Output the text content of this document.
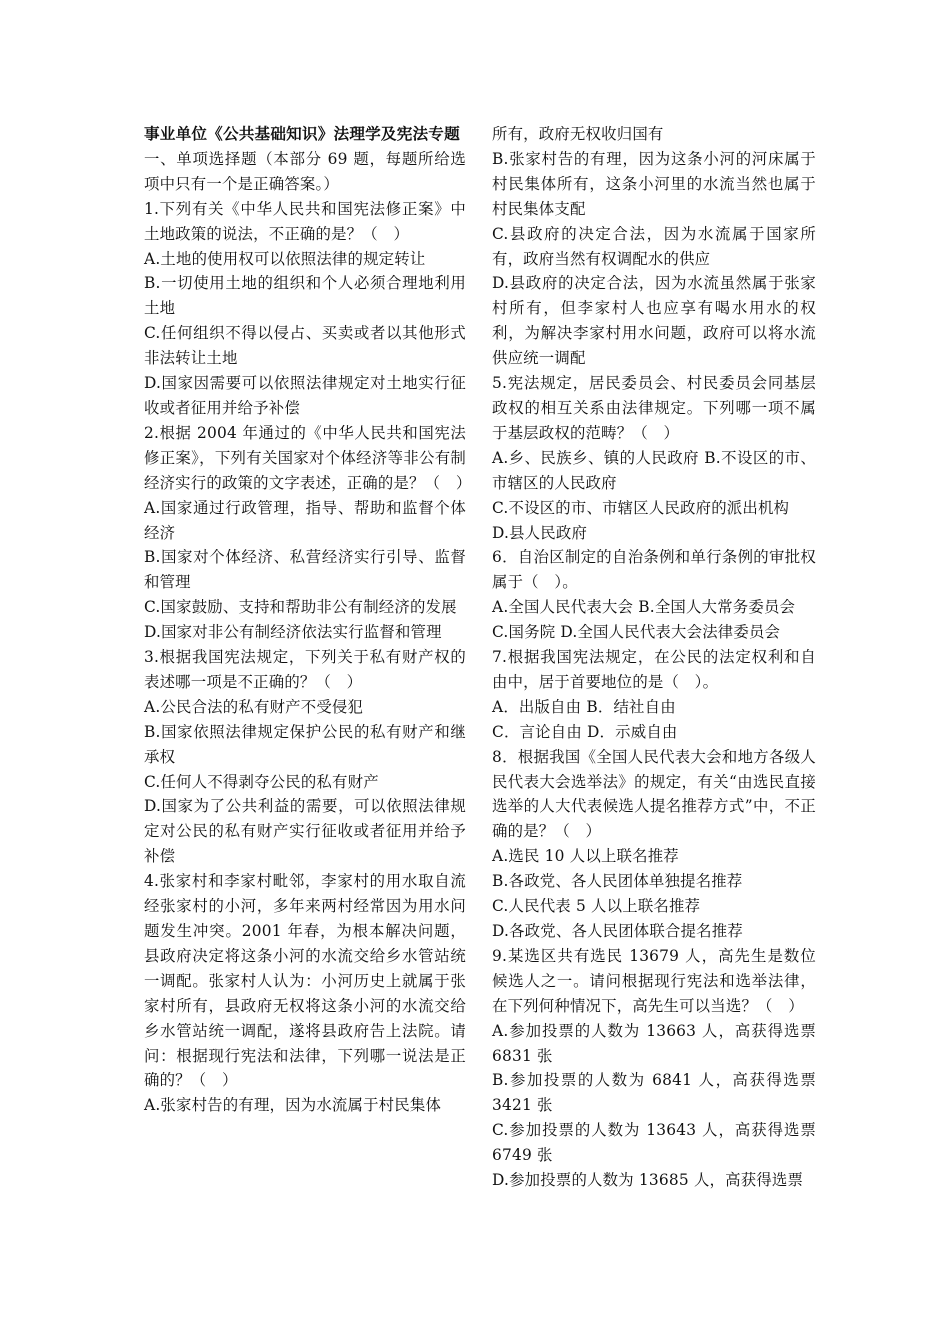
事业单位《公共基础知识》法理学及宪法专题

一、单项选择题（本部分 69 题，每题所给选项中只有一个是正确答案。）

1.下列有关《中华人民共和国宪法修正案》中土地政策的说法，不正确的是？（　）

A.土地的使用权可以依照法律的规定转让

B.一切使用土地的组织和个人必须合理地利用土地

C.任何组织不得以侵占、买卖或者以其他形式非法转让土地

D.国家因需要可以依照法律规定对土地实行征收或者征用并给予补偿

2.根据 2004 年通过的《中华人民共和国宪法修正案》，下列有关国家对个体经济等非公有制经济实行的政策的文字表述，正确的是？（　）

A.国家通过行政管理，指导、帮助和监督个体经济

B.国家对个体经济、私营经济实行引导、监督和管理

C.国家鼓励、支持和帮助非公有制经济的发展

D.国家对非公有制经济依法实行监督和管理

3.根据我国宪法规定，下列关于私有财产权的表述哪一项是不正确的？（　）

A.公民合法的私有财产不受侵犯

B.国家依照法律规定保护公民的私有财产和继承权

C.任何人不得剥夺公民的私有财产

D.国家为了公共利益的需要，可以依照法律规定对公民的私有财产实行征收或者征用并给予补偿

4.张家村和李家村毗邻，李家村的用水取自流经张家村的小河，多年来两村经常因为用水问题发生冲突。2001 年春，为根本解决问题，县政府决定将这条小河的水流交给乡水管站统一调配。张家村人认为：小河历史上就属于张家村所有，县政府无权将这条小河的水流交给乡水管站统一调配，遂将县政府告上法院。请问：根据现行宪法和法律，下列哪一说法是正确的？（　）

A.张家村告的有理，因为水流属于村民集体

所有，政府无权收归国有

B.张家村告的有理，因为这条小河的河床属于村民集体所有，这条小河里的水流当然也属于村民集体支配

C.县政府的决定合法，因为水流属于国家所有，政府当然有权调配水的供应

D.县政府的决定合法，因为水流虽然属于张家村所有，但李家村人也应享有喝水用水的权利，为解决李家村用水问题，政府可以将水流供应统一调配

5.宪法规定，居民委员会、村民委员会同基层政权的相互关系由法律规定。下列哪一项不属于基层政权的范畴？（　）

A.乡、民族乡、镇的人民政府 B.不设区的市、市辖区的人民政府

C.不设区的市、市辖区人民政府的派出机构

D.县人民政府

6．自治区制定的自治条例和单行条例的审批权属于（　）。

A.全国人民代表大会 B.全国人大常务委员会

C.国务院 D.全国人民代表大会法律委员会

7.根据我国宪法规定，在公民的法定权利和自由中，居于首要地位的是（　）。

A．出版自由 B．结社自由

C．言论自由 D．示威自由

8．根据我国《全国人民代表大会和地方各级人民代表大会选举法》的规定，有关“由选民直接选举的人大代表候选人提名推荐方式”中，不正确的是？（　）

A.选民 10 人以上联名推荐

B.各政党、各人民团体单独提名推荐

C.人民代表 5 人以上联名推荐

D.各政党、各人民团体联合提名推荐

9.某选区共有选民 13679 人，高先生是数位候选人之一。请问根据现行宪法和选举法律，在下列何种情况下，高先生可以当选？（　）

A.参加投票的人数为 13663 人，高获得选票 6831 张

B.参加投票的人数为 6841 人，高获得选票 3421 张

C.参加投票的人数为 13643 人，高获得选票 6749 张

D.参加投票的人数为 13685 人，高获得选票
